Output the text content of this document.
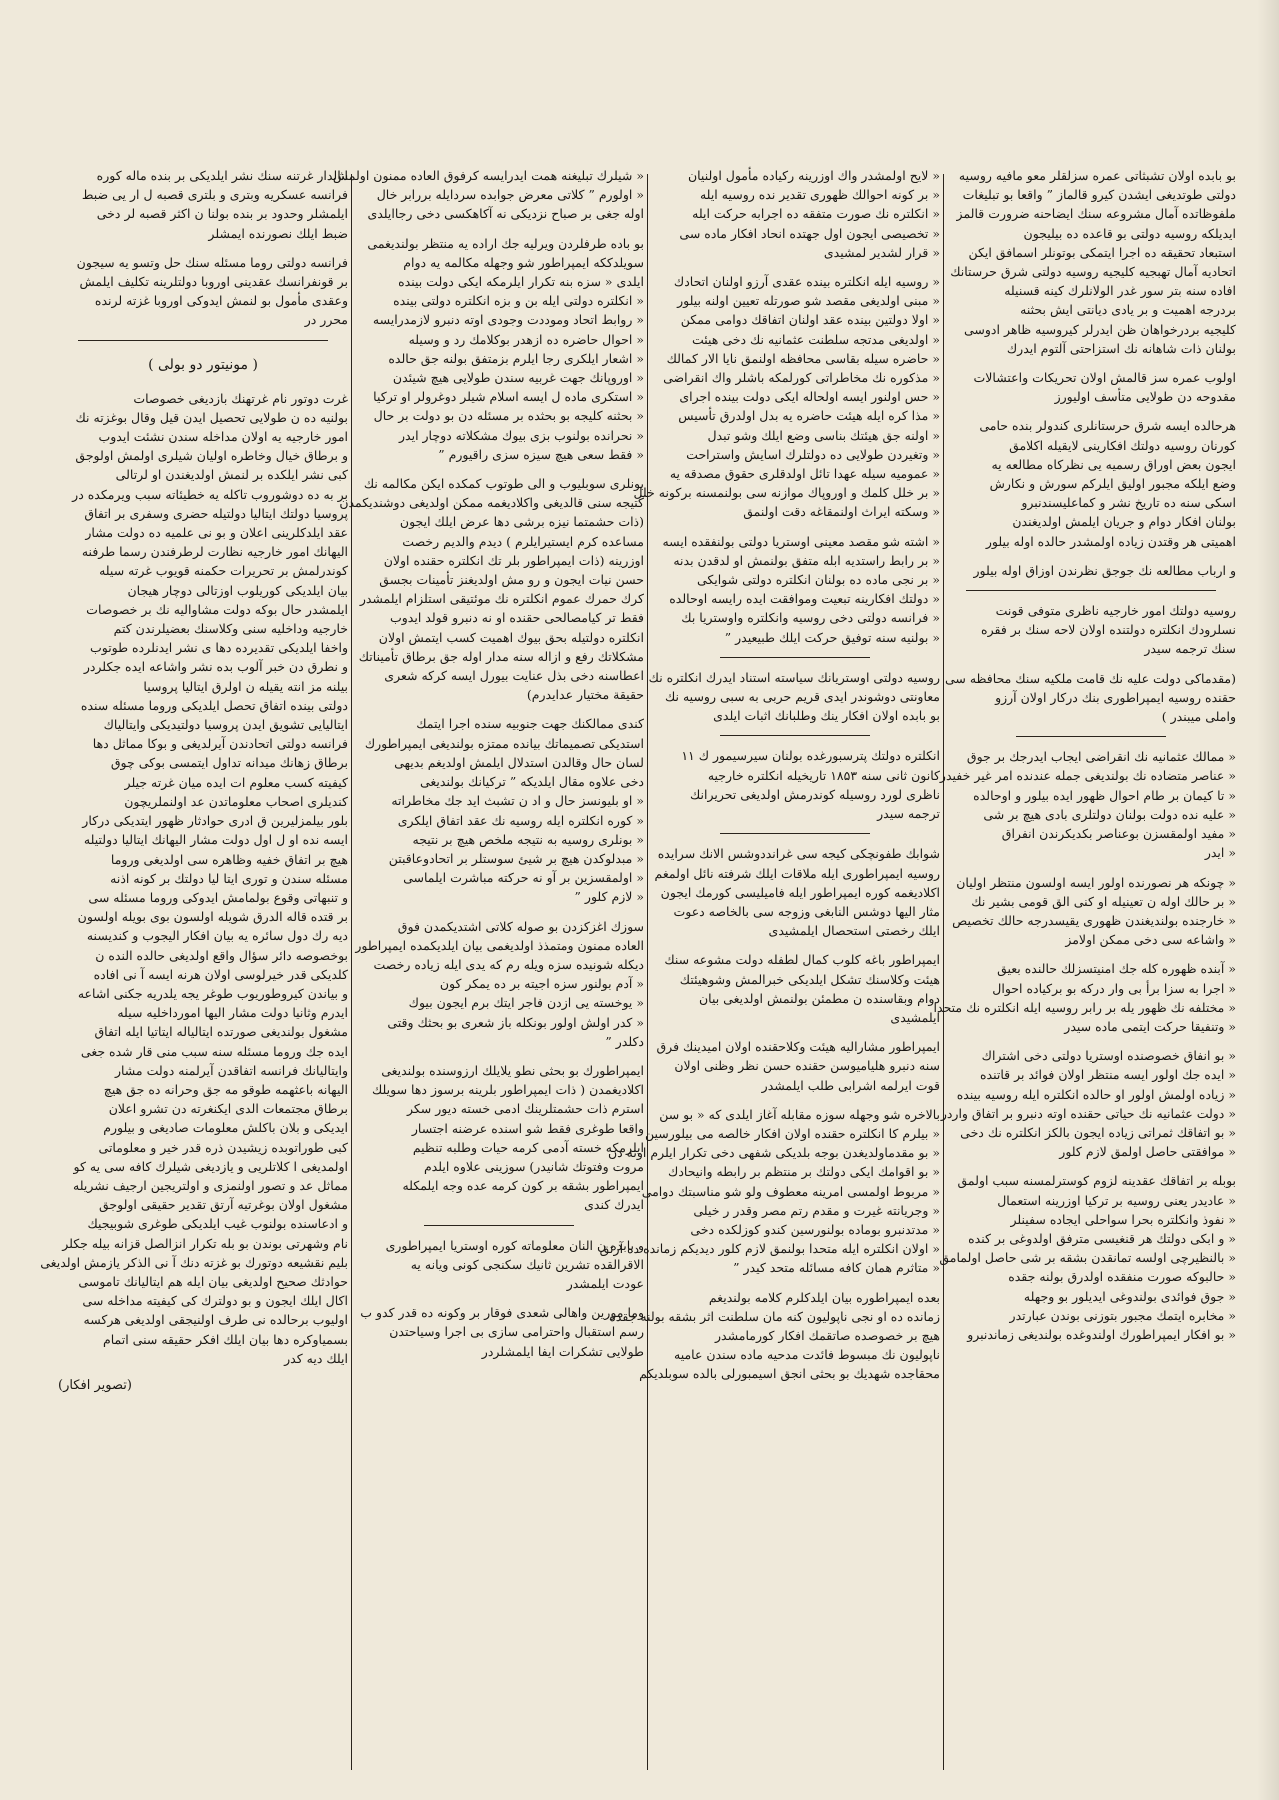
بو بابده اولان تشبثاتی عمره سزلقلر معو مافیه روسیه
دولتی طوتدیغی ایشدن کیرو قالماز ” واقعا بو تبلیغات
ملفوظاتده آمال مشروعه سنك ایضاحنه ضرورت قالمز
ایدیلکه روسیه دولتی بو قاعده ده بیلیجون
استبعاد تحقیقه ده اجرا ایتمکی بوتونلر اسمافق ایکن
اتحادیه آمال تهبجیه کلیجیه روسیه دولتی شرق حرستانك
افاده سنه بتر سور غدر الولانلرك کینه قسنیله
بردرجه اهمیت و بر یادی دیانتی ایش بحثنه
کلیجیه بردرخواهان ظن ایدرلر کیروسیه ظاهر ادوسی
بولنان ذات شاهانه نك استزاحتی آلتوم ایدرك
اولوب عمره سز قالمش اولان تحریکات واعتشالات
مقدوحه دن طولایی متأسف اولیورز
هرحالده ایسه شرق حرستانلری کندولر بنده حامی
کورنان روسیه دولتك افکارینی لایقیله اکلامق
ایجون بعض اوراق رسمیه یی نظرکاه مطالعه یه
وضع ایلکه مجبور اولیق ایلرکم سورش و نکارش
اسکی سنه ده تاریخ نشر و کماعلیسندنبرو
بولنان افکار دوام و جریان ایلمش اولدیغندن
اهمیتی هر وقتدن زیاده اولمشدر حالده اوله بیلور
و ارباب مطالعه نك جوجق نظرندن اوزاق اوله بیلور
روسیه دولتك امور خارجیه ناظری متوفی قونت
نسلرودك انكلتره دولتنده اولان لاحه سنك بر فقره
سنك ترجمه سیدر
(مقدماکی دولت علیه نك قامت ملکیه سنك محافظه سی
حقنده روسیه ایمپراطوری بنك درکار اولان آرزو
واملی میبندر )
« ممالك عثمانیه نك انقراضی ایجاب ایدرجك بر جوق
« عناصر متضاده نك بولندیغی جمله عندنده امر غیر خفیدر
« تا کیمان بر طام احوال ظهور ایده بیلور و اوحالده
« علیه نده دولت بولنان دولتلری بادی هیچ بر شی
« مفید اولمقسزن بوعناصر بکدیکرندن انفراق
« ایدر
« چونکه هر نصورنده اولور ایسه اولسون منتظر اولیان
« بر حالك اوله ن تعینیله او کنی الق قومی بشیر نك
« خارجنده بولندیغندن ظهوری یقیسدرجه حالك تخصیص
« واشاعه سی دخی ممکن اولامز
« آبنده ظهوره کله جك امنیتسزلك حالنده بعیق
« اجرا به سزا برأ بی وار درکه بو برکیاده احوال
« مختلفه نك ظهور یله بر رابر روسیه ایله انكلتره نك متحدا
« وتنفیقا حرکت ایتمی ماده سیدر
« بو انفاق خصوصنده اوستریا دولتی دخی اشتراك
« ایده جك اولور ایسه منتظر اولان فوائد بر قاتنده
« زیاده اولمش اولور او حالده انكلتره ایله روسیه بینده
« دولت عثمانیه نك حیاتی حقنده اوته دنبرو بر اتفاق واردر
« بو اتفاقك ثمراتی زیاده ایجون بالکز انكلتره نك دخی
« موافقتی حاصل اولمق لازم کلور
بوبله بر اتفاقك عقدینه لزوم کوسترلمسنه سبب اولمق
« عادیدر یعنی روسیه بر ترکیا اوزرینه استعمال
« نفوذ وانكلتره بحرا سواحلی ایجاده سفینلر
« و ابکی دولتك هر قنغیسی مترفق اولدوغی بر کنده
« بالنظیرچی اولسه تمانقدن بشقه بر شی حاصل اولمامق
« حالبوکه صورت منفقده اولدرق بولنه جقده
« جوق فوائدی بولندوغی ایدیلور بو وجهله
« مخابره ایتمك مجبور بتوزنی بوندن عبارتدر
« بو افکار ایمپراطورك اولندوغده بولندیغی زماندنبرو
« لایح اولمشدر واك اوزرینه رکیاده مأمول اولنیان
« بر کونه احوالك ظهوری تقدیر نده روسیه ایله
« انكلتره نك صورت متفقه ده اجرابه حرکت ایله
« تخصیصی ایجون اول جهتده انحاد افکار ماده سی
« قرار لشدیر لمشیدی
« روسیه ایله انكلتره بینده عقدی آرزو اولنان اتحادك
« مبنی اولدیغی مقصد شو صورتله تعیین اولنه بیلور
« اولا دولتین بینده عقد اولنان اتفاقك دوامی ممكن
« اولدیغی مدتجه سلطنت عثمانیه نك دخی هیئت
« حاضره سیله بقاسی محافظه اولنمق نایا الار کمالك
« مذکوره نك مخاطراتی کورلمکه باشلر واك انقراضی
« حس اولنور ایسه اولحاله ایکی دولت بینده اجرای
« مذا کره ایله هیئت حاضره یه بدل اولدرق تأسیس
« اولنه جق هیئتك بناسی وضع ایلك وشو تبدل
« وتغیردن طولایی ده دولتلرك اسایش واستراحت
« عمومیه سیله عهدا تائل اولدقلری حقوق مصدقه یه
« بر خلل کلمك و اوروپاك موازنه سی بولنمسنه برکونه خلل
« وسکته ایراث اولنمقاغه دقت اولنمق
« اشته شو مقصد معینی اوستریا دولتی بولنفقده ایسه
« بر رابط راستدیه ابله متفق بولنمش او لدقدن بدنه
« بر نجی ماده ده بولنان انكلتره دولتی شوایکی
« دولتك افكارینه تبعیت وموافقت ایده رایسه اوحالده
« فرانسه دولتی دخی روسیه وانكلتره واوستریا بك
« بولنیه سنه توفیق حرکت ایلك طبیعیدر ”
روسیه دولتی اوستریانك سیاسته استناد ایدرك انكلتره نك
معاونتی دوشوندر ایدی قریم حربی به سبی روسیه نك
بو بابده اولان افکار ینك وطلبانك اثبات ایلدی
انكلتره دولتك پترسبورغده بولنان سیرسیمور ك ۱۱
کانون ثانی سنه ۱۸۵۳ تاریخیله انكلتره خارجیه
ناظری لورد روسیله کوندرمش اولدیغی تحریرانك
ترجمه سیدر
شوابك طفونچکی کیجه سی غرانددوشس الانك سرایده
روسیه ایمپراطوری ایله ملاقات ایلك شرفته نائل اولمغم
اکلادیغمه کوره ایمپراطور ایله فامیلیسی کورمك ایجون
مثار الیها دوشس النابغی وزوجه سی بالخاصه دعوت
ایلك رخصتی استحصال ایلمشیدی
ایمپراطور باغه کلوب کمال لطفله دولت مشوعه سنك
هیئت وکلاسنك تشکل ایلدیکی خبرالمش وشوهیئتك
دوام وبقاسنده ن مطمئن بولنمش اولدیغی بیان
ایلمشیدی
ایمپراطور مشارالیه هیئت وکلاحقنده اولان امیدینك فرق
سنه دنبرو هلیامیوسن حقنده حسن نظر وظنی اولان
قوت ایرلمه اشرابی طلب ایلمشدر
بالاخره شو وجهله سوزه مقابله آغاز ایلدی که « بو سن
« بیلرم کا انکلتره حقنده اولان افکار خالصه می بیلورسین
« بو مقدماولدیغدن بوجه بلدیکی شفهی دخی تکرار ایلرم اوته دن
« بو اقوامك ایکی دولتك بر منتظم بر رابطه وانیحادك
« مربوط اولمسی امرینه معطوف ولو شو مناسبتك دوامی
« وجریانته غیرت و مقدم رتم مصر وقدر ر خیلی
« مدتدنبرو بوماده بولنورسین کندو کوزلکده دخی
« اولان انكلتره ایله متحدا بولنمق لازم کلور دیدیکم زمانده ده آرتق
« متاثرم همان کافه مسائله متحد کیدر ”
بعده ایمپراطوره بیان ایلدکلرم کلامه بولندیغم
زمانده ده او نجی ناپولیون کنه مان سلطنت اثر بشقه بولنه جقده
هیچ بر خصوصده صاتقمك افكار کورمامشدر
ناپولیون نك مبسوط فائدت مدحیه ماده سندن عامیه
محقاجده شهدیك بو بحثی انجق اسیمبورلی بالده سوبلدیکم
« شیلرك تبلیغنه همت ایدرایسه کرفوق العاده ممنون اولمش
« اولورم ” کلاتی معرض جوابده سردایله بررابر خال
اوله جغی بر صباح نزدیکی نه آکاهکسی دخی رجاایلدی
بو باده طرفلردن ویرلیه جك اراده یه منتظر بولندیغمی
سویلدککه ایمپراطور شو وجهله مکالمه یه دوام
ایلدی « سزه بنه تکرار ایلرمکه ایکی دولت بینده
« انكلتره دولتی ایله بن و بزه انكلتره دولتی بینده
« روابط اتحاد وموددت وجودی اوته دنبرو لازمدرایسه
« احوال حاضره ده ازهدر بوکلامك رد و وسیله
« اشعار ایلکری رجا ایلرم بزمتفق بولنه جق حالده
« اوروپانك جهت غربیه سندن طولایی هیچ شیئدن
« استکری ماده ل ایسه اسلام شیلر دوغرولر او ترکیا
« بحثنه کلیجه بو بحثده بر مسئله دن بو دولت بر حال
« نحرانده بولنوب بزی بیوك مشکلاته دوچار ایدر
« فقط سعی هیچ سیزه سزی راقیورم ”
بونلری سوبلیوب و الی طوتوب کمکده ایکن مکالمه نك
کتیجه سنی قالدیغی واکلادیغمه ممکن اولدیغی دوشندیکمدن
(ذات حشمتما نیزه برشی دها عرض ایلك ایجون
مساعده کرم ایستیرایلرم ) دیدم والدیم رخصت
اوزرینه (ذات ایمپراطور بلر تك انكلتره حقنده اولان
حسن نیات ایجون و رو مش اولدیغنز تأمینات بجسق
کرك حمرك عموم انكلتره نك موئتیقی استلزام ایلمشدر
فقط تر کیامصالحی حقنده او نه دنبرو قولد ایدوب
انكلتره دولتیله بحق بیوك اهمیت کسب ایتمش اولان
مشکلاتك رفع و ازاله سنه مدار اوله جق برطاق تأمیناتك
اعطاسنه دخی بذل عنایت بیورل ایسه کرکه شعری
حقیقة مختیار عدایدرم)
کندی ممالکنك جهت جنوبیه سنده اجرا ایتمك
استدیکی تصمیماتك بیانده ممتزه بولندیغی ایمپراطورك
لسان حال وقالدن استدلال ایلمش اولدیغم بدیهی
دخی علاوه مقال ایلدیکه ” ترکیانك بولندیغی
« او بلیونسز حال و اد ن تشبث اید جك مخاطراته
« کوره انكلتره ایله روسیه نك عقد اتفاق ایلکری
« بونلری روسیه به نتیجه ملخص هیچ بر نتیجه
« مبدلوکدن هیچ بر شیئ سوستلر بر اتحادوعاقبتن
« اولمقسزین بر آو نه حرکته مباشرت ایلماسی
« لازم کلور ”
سوزك اغزکزدن بو صوله کلاتی اشتدیکمدن فوق
العاده ممنون ومتمذذ اولدیغمی بیان ایلدیکمده ایمپراطور
دیکله شونیده سزه ویله رم که یدی ایله زیاده رخصت
« آدم بولنور سزه اجیته بر ده یمکر کون
« یوخسته یی ازدن فاجر ایتك برم ایجون بیوك
« کدر اولش اولور بونکله باز شعری بو بحثك وقتی
دکلدر ”
ایمپراطورك بو بحثی نطو یلایلك ارزوسنده بولندیغی
اکلادیغمدن ( ذات ایمپراطور بلرینه برسوز دها سویلك
استرم ذات حشمتلرینك ادمی خسته دیور سکر
واقعا طوغری فقط شو اسنده عرضنه اجتسار
ایلرمکه خسته آدمی کرمه حیات وطلبه تنظیم
مروت وفتوتك شانیدر) سوزینی علاوه ایلدم
ایمپراطور بشقه بر کون کرمه عده وجه ایلمکله
ایدرك کندی
و بابده ن النان معلوماته کوره اوستریا ایمپراطوری
الاقرالقده تشرین ثانیك سکنجی کونی ویانه یه
عودت ایلمشدر
وما مورین واهالی شعدی فوقار بر وکونه ده قدر کدو ب
رسم استقبال واحترامی سازی بی اجرا وسیاحتدن
طولایی تشکرات ایفا ایلمشلردر
انالدار غرتنه سنك نشر ایلدیکی بر بنده ماله کوره
فرانسه عسکریه وبتری و بلتری قصبه ل ار یی ضبط
ایلمشلر وحدود بر بنده بولنا ن اکثر قصبه لر دخی
ضبط ایلك نصورنده ایمشلر
فرانسه دولتی روما مسئله سنك حل وتسو یه سیجون
بر قونفرانسك عقدینی اوروبا دولتلرینه تکلیف ایلمش
وعقدی مأمول بو لنمش ایدوکی اوروبا غزته لرنده
محرر در
( مونیتور دو بولی )
غرت دوتور نام غرتهنك بازدیغی خصوصات
بولنیه ده ن طولایی تحصیل ایدن قیل وقال بوغزته نك
امور خارجیه یه اولان مداخله سندن نشئت ایدوب
و برطاق خیال وخاطره اولیان شیلری اولمش اولوجق
کبی نشر ایلکده بر لنمش اولدیغندن او لرتالی
بر به ده دوشوروب تاکله یه خطیئاته سبب ویرمکده در
پروسیا دولتك ایتالیا دولتیله حضری وسفری بر اتفاق
عقد ایلدکلرینی اعلان و بو نی علمیه ده دولت مشار
الیهانك امور خارجیه نظارت لرطرفندن رسما طرفنه
کوندرلمش بر تحریرات حکمنه قویوب غرته سیله
بیان ایلدیکی کوریلوب اوزتالی دوچار هیجان
ایلمشدر حال بوکه دولت مشاوالیه نك بر خصوصات
خارجیه وداخلیه سنی وکلاسنك بعضیلرندن کتم
واخفا ایلدیکی تقدیرده دها ی نشر ایدنلرده طوتوب
و نطرق دن خبر آلوب بده نشر واشاعه ایده جکلردر
بیلنه مز انته یقیله ن اولرق ایتالیا پروسیا
دولتی بینده اتفاق تحصل ایلدیکی وروما مسئله سنده
ایتالیایی تشویق ایدن پروسیا دولتیدیکی وایتالیاك
فرانسه دولتی اتحادندن آیرلدیغی و بوکا مماثل دها
برطاق زهانك میدانه تداول ایتمسی بوکی چوق
کیفیته کسب معلوم ات ایده میان غرته جیلر
کندیلری اصحاب معلوماتدن عد اولنملریچون
بلور بیلمزلیرین ق ادری حوادثار ظهور ایتدیکی درکار
ایسه نده او ل اول دولت مشار الیهانك ایتالیا دولتیله
هیچ بر اتفاق خفیه وظاهره سی اولدیغی وروما
مسئله سندن و توری ایتا لیا دولتك بر کونه اذنه
و تنبهاتی وقوع بولمامش ایدوکی وروما مسئله سی
بر قتده قاله الدرق شویله اولسون بوی بویله اولسون
دیه رك دول سائره یه بیان افکار الیجوب و کندیسنه
بوخصوصه دائر سؤال واقع اولدیغی حالده النده ن
کلدیکی قدر خیرلوسی اولان هرنه ایسه آ نی افاده
و بیاندن کیروطوریوب طوغر یجه یلدریه جکنی اشاعه
ایدرم وثانیا دولت مشار الیها امورداخلیه سیله
مشغول بولندیغی صورتده ایتالیاله ایتاتیا ایله اتفاق
ایده جك وروما مسئله سنه سبب منی قار شده جغی
وایتالیانك فرانسه اتفاقدن آیرلمنه دولت مشار
الیهانه باعثهمه طوقو مه جق وحرانه ده جق هیچ
برطاق مجتمعات الدی ایکنغرته دن تشرو اعلان
ایدیکی و بلان باکلش معلومات صادیغی و بیلورم
کبی طوراتوبده زیشیدن ذره قدر خیر و معلوماتی
اولمدیغی ا کلاتلریی و یازدیغی شیلرك کافه سی یه کو
مماثل عد و تصور اولنمزی و اولتریجین ارجیف نشریله
مشغول اولان بوغرتیه آرتق تقدیر حقیقی اولوجق
و ادعاسنده بولنوب غیب ایلدیکی طوغری شوبیجیك
نام وشهرتی بوندن بو بله تکرار انزالصل قزانه بیله جکلر
بلیم نقشیعه دوتورك بو غزته دنك آ نی الذکر یازمش اولدیغی
حوادثك صحیح اولدیغی بیان ایله هم ایتالیانك تاموسی
اکال ایلك ایجون و بو دولترك کی کیفیته مداخله سی
اولیوب برحالده نی طرف اولنیجقی اولدیغی هرکسه
بسمیاوکره دها بیان ایلك افکر حقیقه سنی اتمام
ایلك دیه کدر
(تصویر افکار)
